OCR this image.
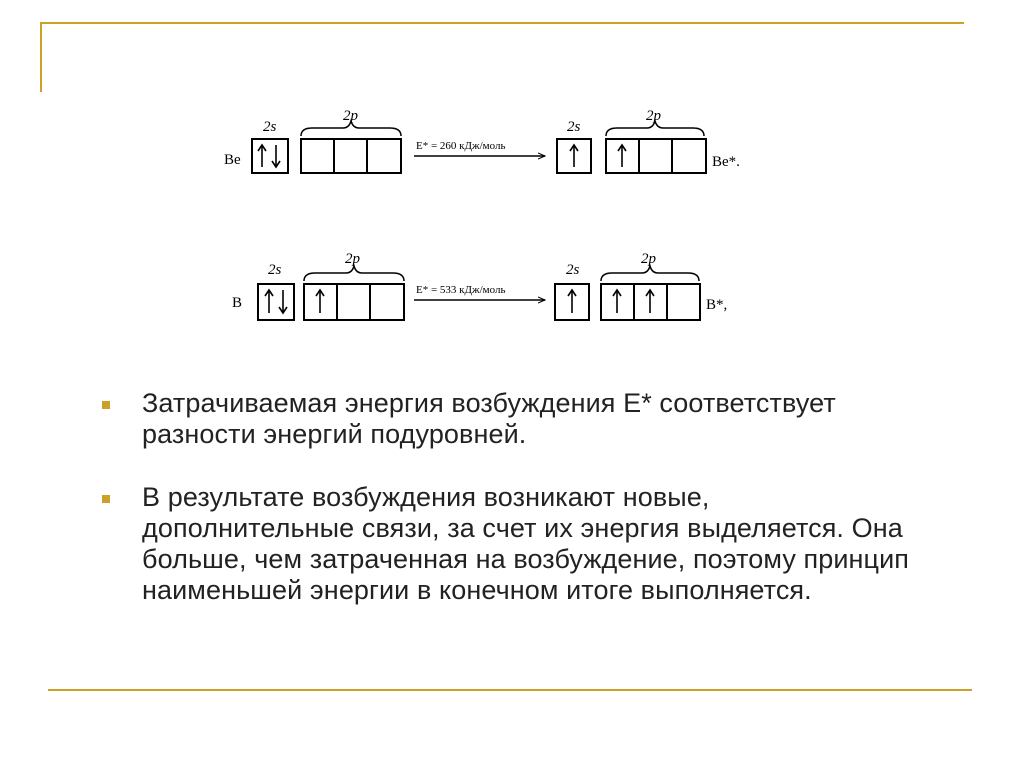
Be
2s
2p
E* = 260 кДж/моль
2s
2p
Be*.
B
2s
2p
E* = 533 кДж/моль
2s
2p
B*,
Затрачиваемая энергия возбуждения E* соответствует разности энергий подуровней.
В результате возбуждения возникают новые, дополнительные связи, за счет их энергия выделяется. Она больше, чем затраченная на возбуждение, поэтому принцип наименьшей энергии в конечном итоге выполняется.
